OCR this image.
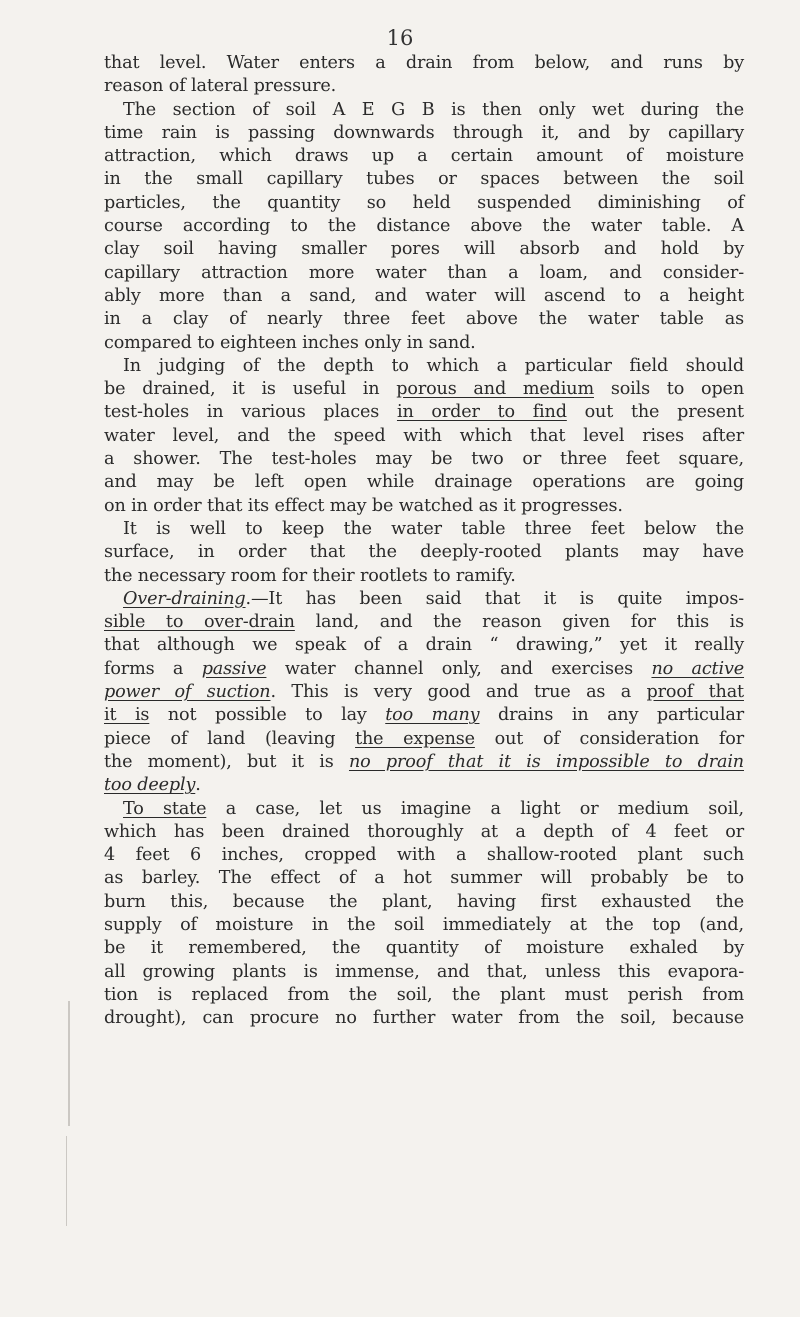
16
that level. Water enters a drain from below, and runs by
reason of lateral pressure.
The section of soil A E G B is then only wet during the
time rain is passing downwards through it, and by capillary
attraction, which draws up a certain amount of moisture
in the small capillary tubes or spaces between the soil
particles, the quantity so held suspended diminishing of
course according to the distance above the water table. A
clay soil having smaller pores will absorb and hold by
capillary attraction more water than a loam, and consider-
ably more than a sand, and water will ascend to a height
in a clay of nearly three feet above the water table as
compared to eighteen inches only in sand.
In judging of the depth to which a particular field should
be drained, it is useful in porous and medium soils to open
test-holes in various places in order to find out the present
water level, and the speed with which that level rises after
a shower. The test-holes may be two or three feet square,
and may be left open while drainage operations are going
on in order that its effect may be watched as it progresses.
It is well to keep the water table three feet below the
surface, in order that the deeply-rooted plants may have
the necessary room for their rootlets to ramify.
Over-draining.—It has been said that it is quite impos-
sible to over-drain land, and the reason given for this is
that although we speak of a drain “ drawing,” yet it really
forms a passive water channel only, and exercises no active
power of suction. This is very good and true as a proof that
it is not possible to lay too many drains in any particular
piece of land (leaving the expense out of consideration for
the moment), but it is no proof that it is impossible to drain
too deeply.
To state a case, let us imagine a light or medium soil,
which has been drained thoroughly at a depth of 4 feet or
4 feet 6 inches, cropped with a shallow-rooted plant such
as barley. The effect of a hot summer will probably be to
burn this, because the plant, having first exhausted the
supply of moisture in the soil immediately at the top (and,
be it remembered, the quantity of moisture exhaled by
all growing plants is immense, and that, unless this evapora-
tion is replaced from the soil, the plant must perish from
drought), can procure no further water from the soil, because
